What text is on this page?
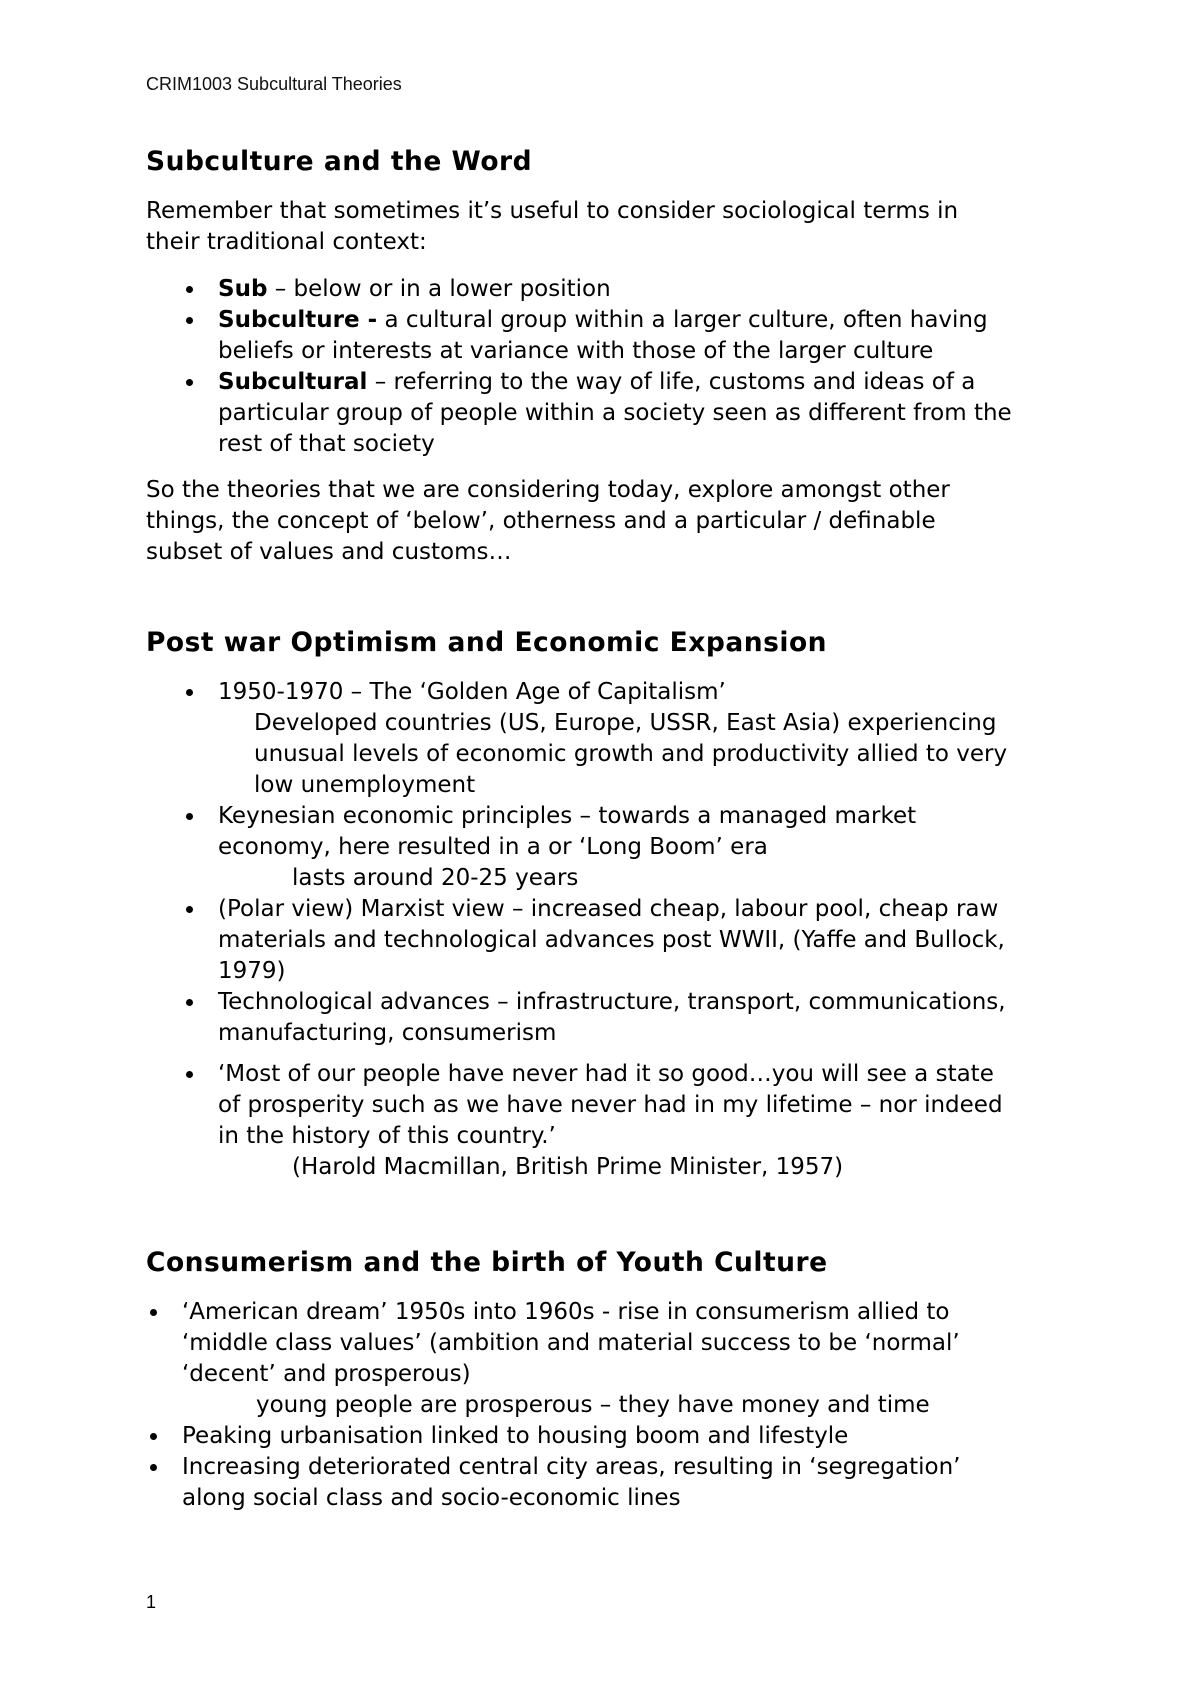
CRIM1003 Subcultural Theories
Subculture and the Word
Remember that sometimes it’s useful to consider sociological terms in
their traditional context:
Sub – below or in a lower position
Subculture - a cultural group within a larger culture, often having
beliefs or interests at variance with those of the larger culture
Subcultural – referring to the way of life, customs and ideas of a
particular group of people within a society seen as different from the
rest of that society
So the theories that we are considering today, explore amongst other
things, the concept of ‘below’, otherness and a particular / definable
subset of values and customs…
Post war Optimism and Economic Expansion
1950-1970 – The ‘Golden Age of Capitalism’
Developed countries (US, Europe, USSR, East Asia) experiencing
unusual levels of economic growth and productivity allied to very
low unemployment
Keynesian economic principles – towards a managed market
economy, here resulted in a or ‘Long Boom’ era
lasts around 20-25 years
(Polar view) Marxist view – increased cheap, labour pool, cheap raw
materials and technological advances post WWII, (Yaffe and Bullock,
1979)
Technological advances – infrastructure, transport, communications,
manufacturing, consumerism
‘Most of our people have never had it so good…you will see a state
of prosperity such as we have never had in my lifetime – nor indeed
in the history of this country.’
(Harold Macmillan, British Prime Minister, 1957)
Consumerism and the birth of Youth Culture
‘American dream’ 1950s into 1960s - rise in consumerism allied to
‘middle class values’ (ambition and material success to be ‘normal’
‘decent’ and prosperous)
young people are prosperous – they have money and time
Peaking urbanisation linked to housing boom and lifestyle
Increasing deteriorated central city areas, resulting in ‘segregation’
along social class and socio-economic lines
1
